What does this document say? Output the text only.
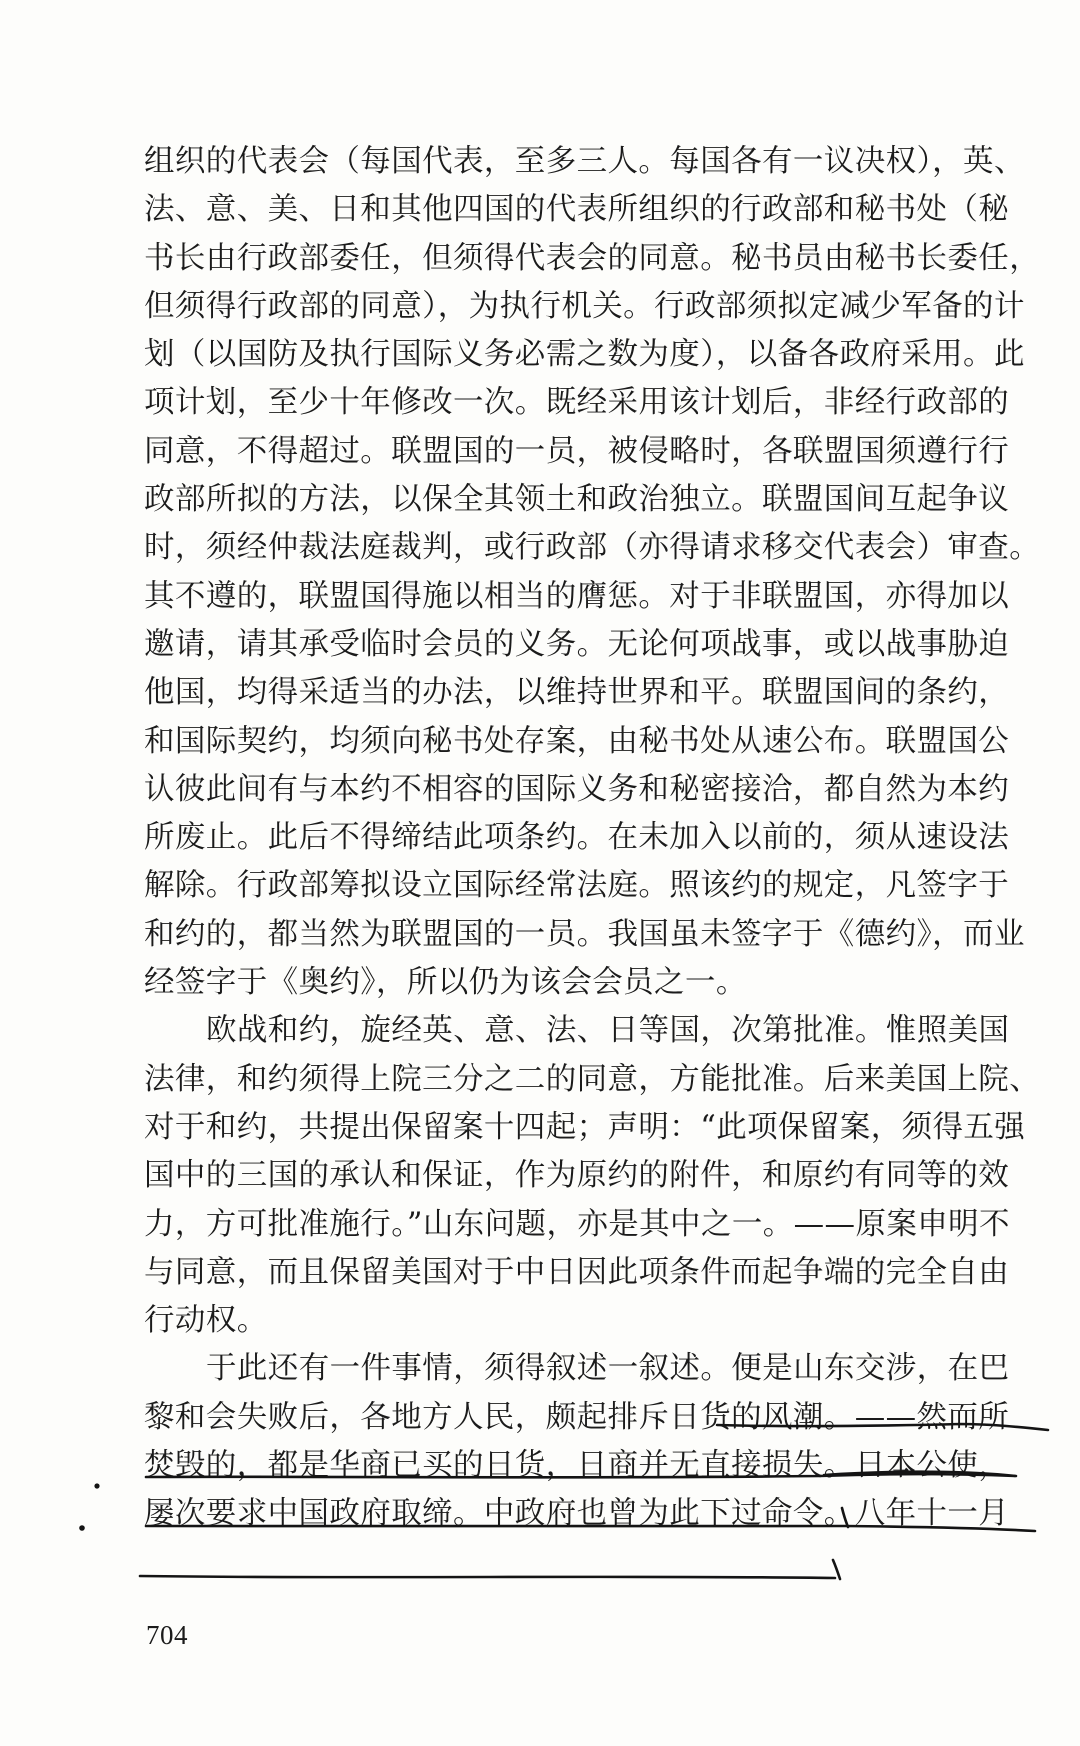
组织的代表会（每国代表，至多三人。每国各有一议决权），英、
法、意、美、日和其他四国的代表所组织的行政部和秘书处（秘
书长由行政部委任，但须得代表会的同意。秘书员由秘书长委任，
但须得行政部的同意），为执行机关。行政部须拟定减少军备的计
划（以国防及执行国际义务必需之数为度），以备各政府采用。此
项计划，至少十年修改一次。既经采用该计划后，非经行政部的
同意，不得超过。联盟国的一员，被侵略时，各联盟国须遵行行
政部所拟的方法，以保全其领土和政治独立。联盟国间互起争议
时，须经仲裁法庭裁判，或行政部（亦得请求移交代表会）审查。
其不遵的，联盟国得施以相当的膺惩。对于非联盟国，亦得加以
邀请，请其承受临时会员的义务。无论何项战事，或以战事胁迫
他国，均得采适当的办法，以维持世界和平。联盟国间的条约，
和国际契约，均须向秘书处存案，由秘书处从速公布。联盟国公
认彼此间有与本约不相容的国际义务和秘密接洽，都自然为本约
所废止。此后不得缔结此项条约。在未加入以前的，须从速设法
解除。行政部筹拟设立国际经常法庭。照该约的规定，凡签字于
和约的，都当然为联盟国的一员。我国虽未签字于《德约》，而业
经签字于《奥约》，所以仍为该会会员之一。
欧战和约，旋经英、意、法、日等国，次第批准。惟照美国
法律，和约须得上院三分之二的同意，方能批准。后来美国上院、
对于和约，共提出保留案十四起；声明：“此项保留案，须得五强
国中的三国的承认和保证，作为原约的附件，和原约有同等的效
力，方可批准施行。”山东问题，亦是其中之一。——原案申明不
与同意，而且保留美国对于中日因此项条件而起争端的完全自由
行动权。
于此还有一件事情，须得叙述一叙述。便是山东交涉，在巴
黎和会失败后，各地方人民，颇起排斥日货的风潮。——然而所
焚毁的，都是华商已买的日货，日商并无直接损失。日本公使，
屡次要求中国政府取缔。中政府也曾为此下过命令。八年十一月
704
